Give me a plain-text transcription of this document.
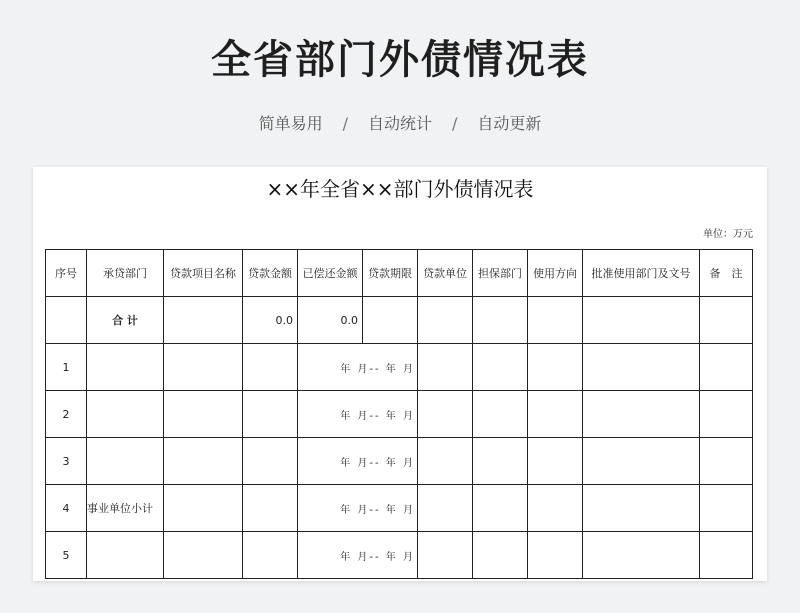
全省部门外债情况表
简单易用 / 自动统计 / 自动更新
××年全省××部门外债情况表
单位：万元
序号	承贷部门	贷款项目名称	贷款金额	已偿还金额	贷款期限	贷款单位	担保部门	使用方向	批准使用部门及文号	备　注
	合 计		0.0	0.0						
1				年 月-- 年 月						
2				年 月-- 年 月						
3				年 月-- 年 月						
4	事业单位小计			年 月-- 年 月						
5				年 月-- 年 月						
